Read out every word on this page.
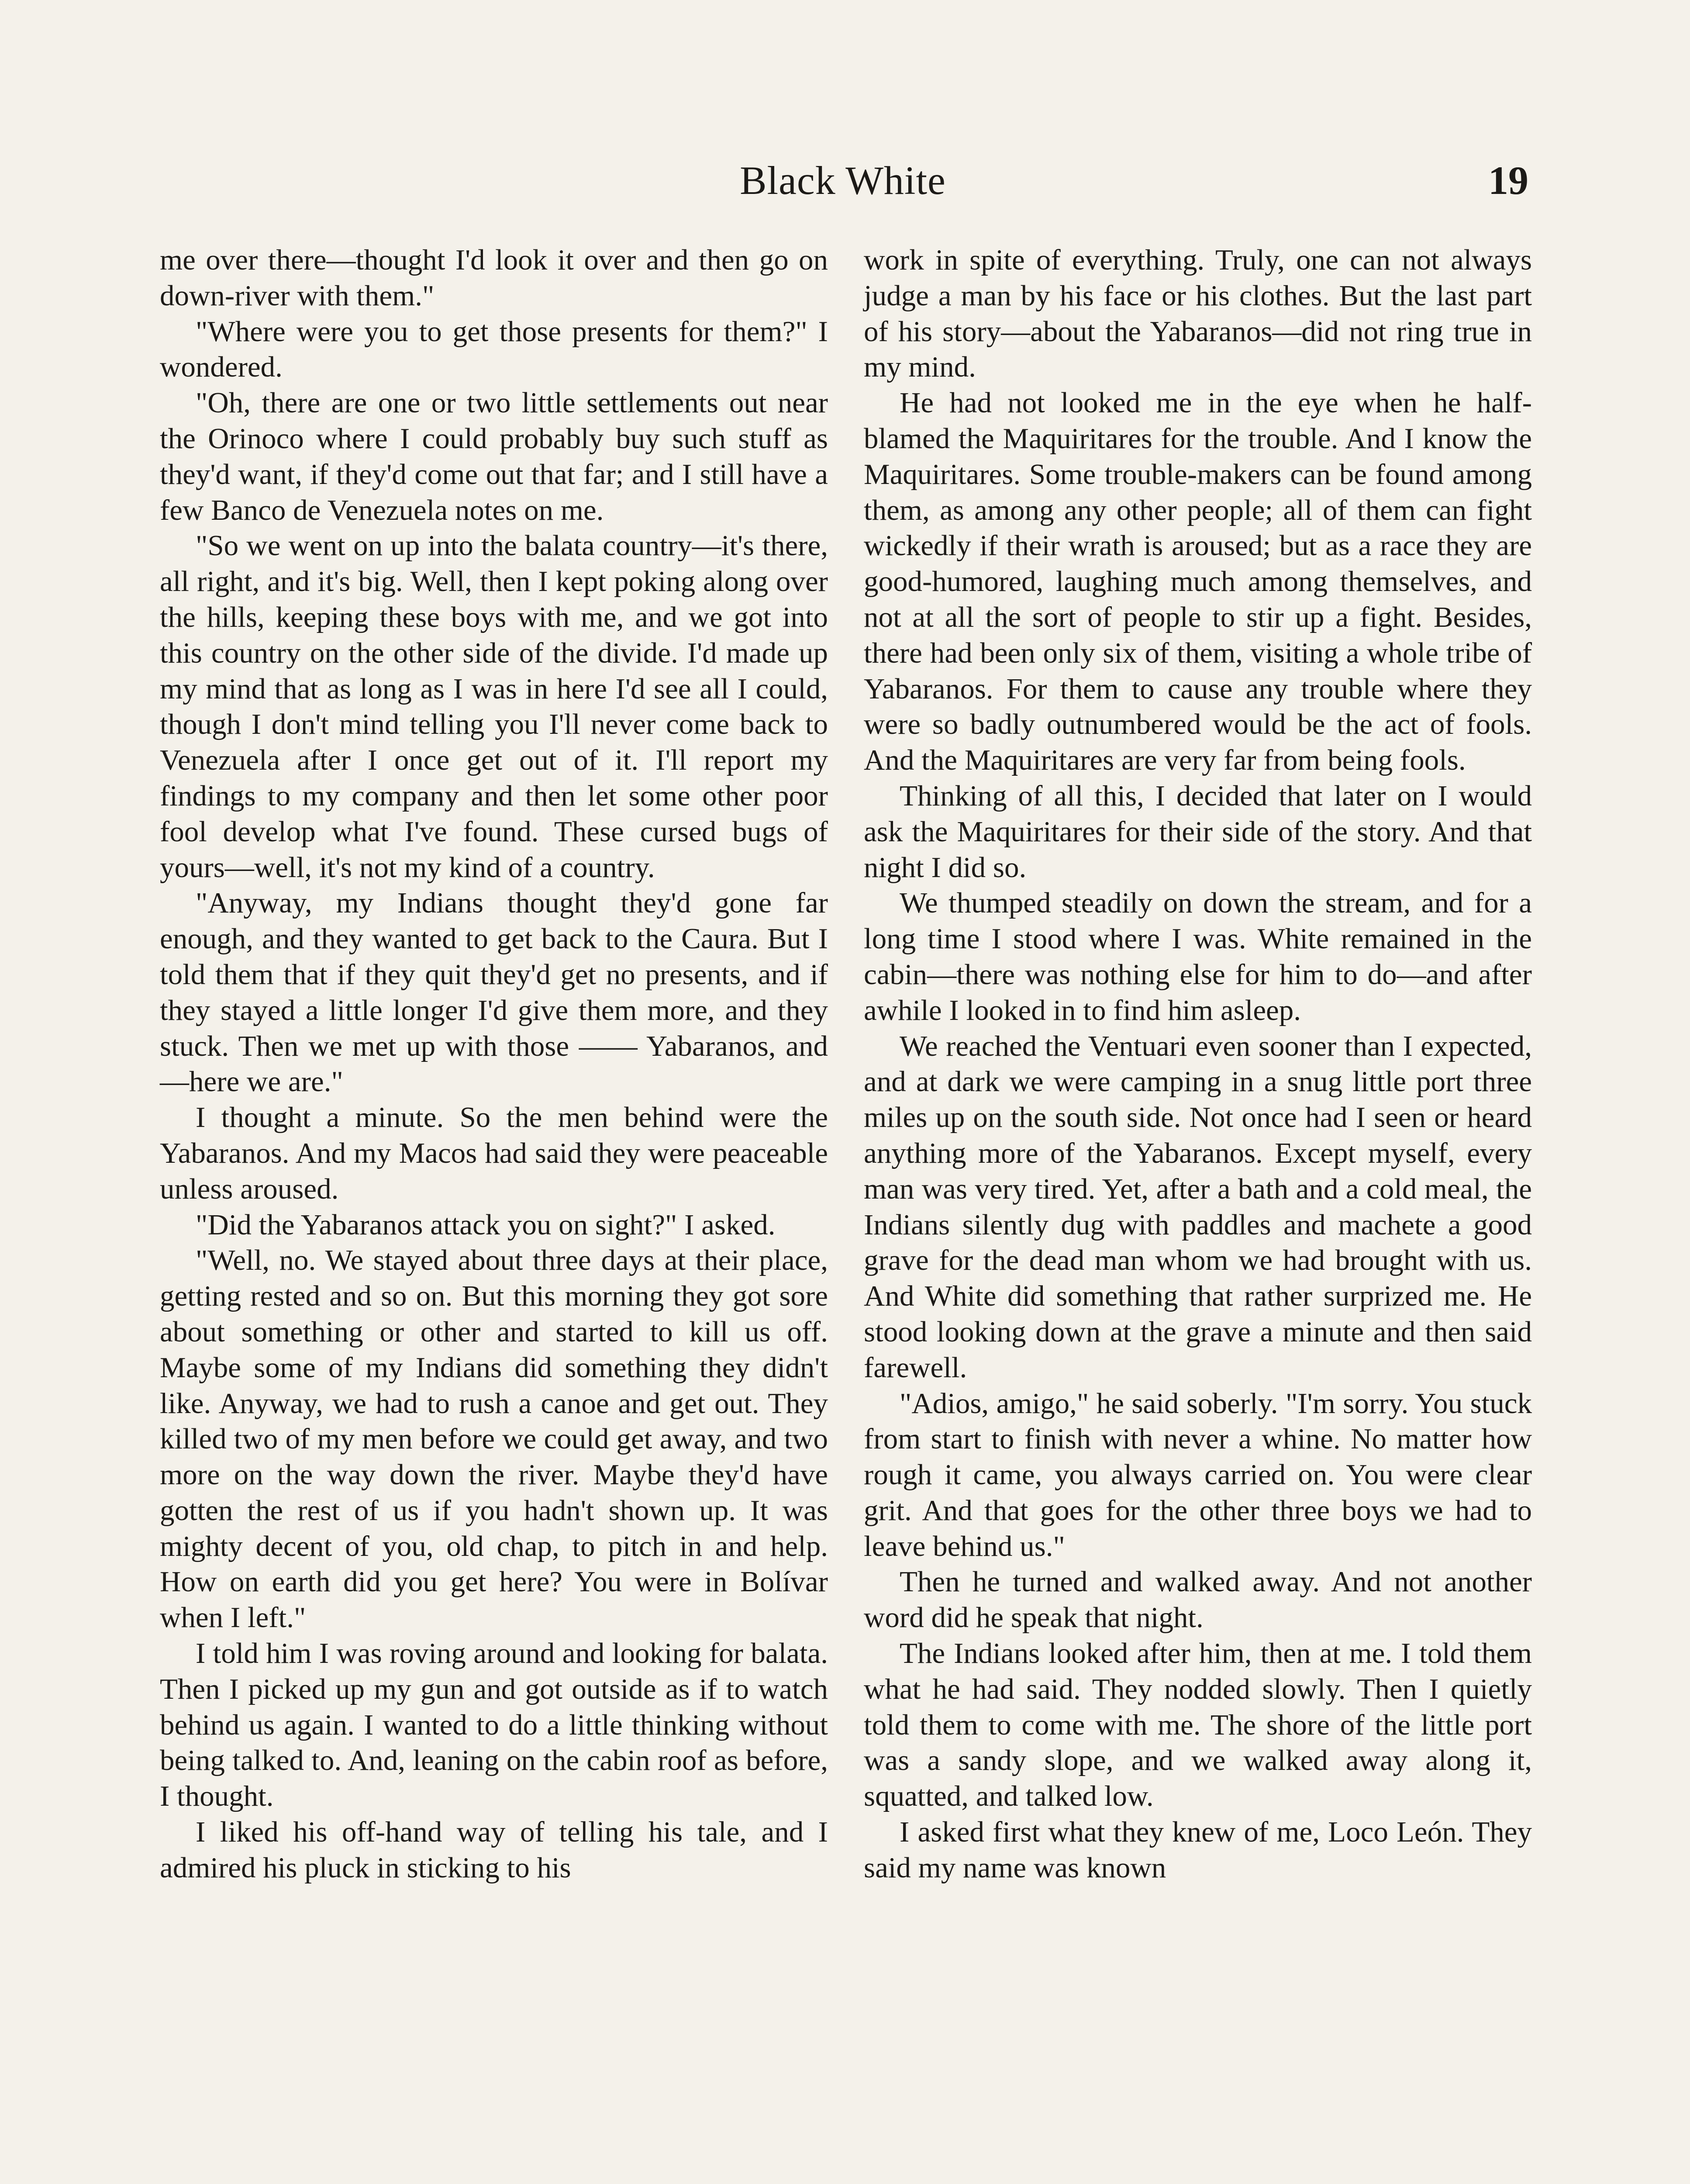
Black White	19

me over there—thought I'd look it over and then go on down-river with them."

"Where were you to get those presents for them?" I wondered.

"Oh, there are one or two little settlements out near the Orinoco where I could probably buy such stuff as they'd want, if they'd come out that far; and I still have a few Banco de Venezuela notes on me.

"So we went on up into the balata country—it's there, all right, and it's big. Well, then I kept poking along over the hills, keeping these boys with me, and we got into this country on the other side of the divide. I'd made up my mind that as long as I was in here I'd see all I could, though I don't mind telling you I'll never come back to Venezuela after I once get out of it. I'll report my findings to my company and then let some other poor fool develop what I've found. These cursed bugs of yours—well, it's not my kind of a country.

"Anyway, my Indians thought they'd gone far enough, and they wanted to get back to the Caura. But I told them that if they quit they'd get no presents, and if they stayed a little longer I'd give them more, and they stuck. Then we met up with those —— Yabaranos, and—here we are."

I thought a minute. So the men behind were the Yabaranos. And my Macos had said they were peaceable unless aroused.

"Did the Yabaranos attack you on sight?" I asked.

"Well, no. We stayed about three days at their place, getting rested and so on. But this morning they got sore about something or other and started to kill us off. Maybe some of my Indians did something they didn't like. Anyway, we had to rush a canoe and get out. They killed two of my men before we could get away, and two more on the way down the river. Maybe they'd have gotten the rest of us if you hadn't shown up. It was mighty decent of you, old chap, to pitch in and help. How on earth did you get here? You were in Bolívar when I left."

I told him I was roving around and looking for balata. Then I picked up my gun and got outside as if to watch behind us again. I wanted to do a little thinking without being talked to. And, leaning on the cabin roof as before, I thought.

I liked his off-hand way of telling his tale, and I admired his pluck in sticking to his

work in spite of everything. Truly, one can not always judge a man by his face or his clothes. But the last part of his story—about the Yabaranos—did not ring true in my mind.

He had not looked me in the eye when he half-blamed the Maquiritares for the trouble. And I know the Maquiritares. Some trouble-makers can be found among them, as among any other people; all of them can fight wickedly if their wrath is aroused; but as a race they are good-humored, laughing much among themselves, and not at all the sort of people to stir up a fight. Besides, there had been only six of them, visiting a whole tribe of Yabaranos. For them to cause any trouble where they were so badly outnumbered would be the act of fools. And the Maquiritares are very far from being fools.

Thinking of all this, I decided that later on I would ask the Maquiritares for their side of the story. And that night I did so.

We thumped steadily on down the stream, and for a long time I stood where I was. White remained in the cabin—there was nothing else for him to do—and after awhile I looked in to find him asleep.

We reached the Ventuari even sooner than I expected, and at dark we were camping in a snug little port three miles up on the south side. Not once had I seen or heard anything more of the Yabaranos. Except myself, every man was very tired. Yet, after a bath and a cold meal, the Indians silently dug with paddles and machete a good grave for the dead man whom we had brought with us. And White did something that rather surprized me. He stood looking down at the grave a minute and then said farewell.

"Adios, amigo," he said soberly. "I'm sorry. You stuck from start to finish with never a whine. No matter how rough it came, you always carried on. You were clear grit. And that goes for the other three boys we had to leave behind us."

Then he turned and walked away. And not another word did he speak that night.

The Indians looked after him, then at me. I told them what he had said. They nodded slowly. Then I quietly told them to come with me. The shore of the little port was a sandy slope, and we walked away along it, squatted, and talked low.

I asked first what they knew of me, Loco León. They said my name was known
